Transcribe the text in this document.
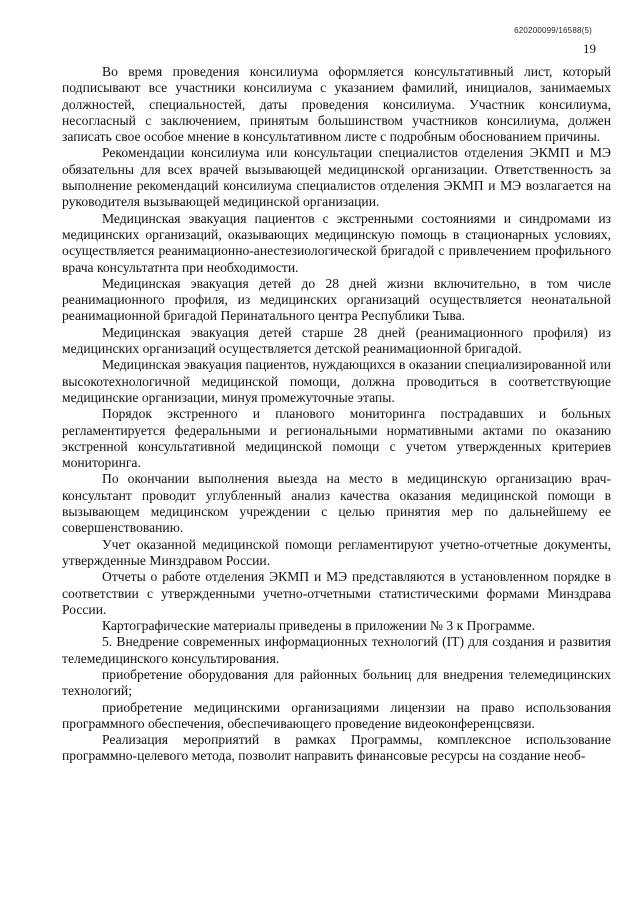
620200099/16588(5)
19

Во время проведения консилиума оформляется консультативный лист, который подписывают все участники консилиума с указанием фамилий, инициалов, занимаемых должностей, специальностей, даты проведения консилиума. Участник консилиума, несогласный с заключением, принятым большинством участников консилиума, должен записать свое особое мнение в консультативном листе с подробным обоснованием причины.

Рекомендации консилиума или консультации специалистов отделения ЭКМП и МЭ обязательны для всех врачей вызывающей медицинской организации. Ответственность за выполнение рекомендаций консилиума специалистов отделения ЭКМП и МЭ возлагается на руководителя вызывающей медицинской организации.

Медицинская эвакуация пациентов с экстренными состояниями и синдромами из медицинских организаций, оказывающих медицинскую помощь в стационарных условиях, осуществляется реанимационно-анестезиологической бригадой с привлечением профильного врача консультатнта при необходимости.

Медицинская эвакуация детей до 28 дней жизни включительно, в том числе реанимационного профиля, из медицинских организаций осуществляется неонатальной реанимационной бригадой Перинатального центра Республики Тыва.

Медицинская эвакуация детей старше 28 дней (реанимационного профиля) из медицинских организаций осуществляется детской реанимационной бригадой.

Медицинская эвакуация пациентов, нуждающихся в оказании специализированной или высокотехнологичной медицинской помощи, должна проводиться в соответствующие медицинские организации, минуя промежуточные этапы.

Порядок экстренного и планового мониторинга пострадавших и больных регламентируется федеральными и региональными нормативными актами по оказанию экстренной консультативной медицинской помощи с учетом утвержденных критериев мониторинга.

По окончании выполнения выезда на место в медицинскую организацию врач-консультант проводит углубленный анализ качества оказания медицинской помощи в вызывающем медицинском учреждении с целью принятия мер по дальнейшему ее совершенствованию.

Учет оказанной медицинской помощи регламентируют учетно-отчетные документы, утвержденные Минздравом России.

Отчеты о работе отделения ЭКМП и МЭ представляются в установленном порядке в соответствии с утвержденными учетно-отчетными статистическими формами Минздрава России.

Картографические материалы приведены в приложении № 3 к Программе.

5. Внедрение современных информационных технологий (IT) для создания и развития телемедицинского консультирования.

приобретение оборудования для районных больниц для внедрения телемедицинских технологий;

приобретение медицинскими организациями лицензии на право использования программного обеспечения, обеспечивающего проведение видеоконференцсвязи.

Реализация мероприятий в рамках Программы, комплексное использование программно-целевого метода, позволит направить финансовые ресурсы на создание необ-
